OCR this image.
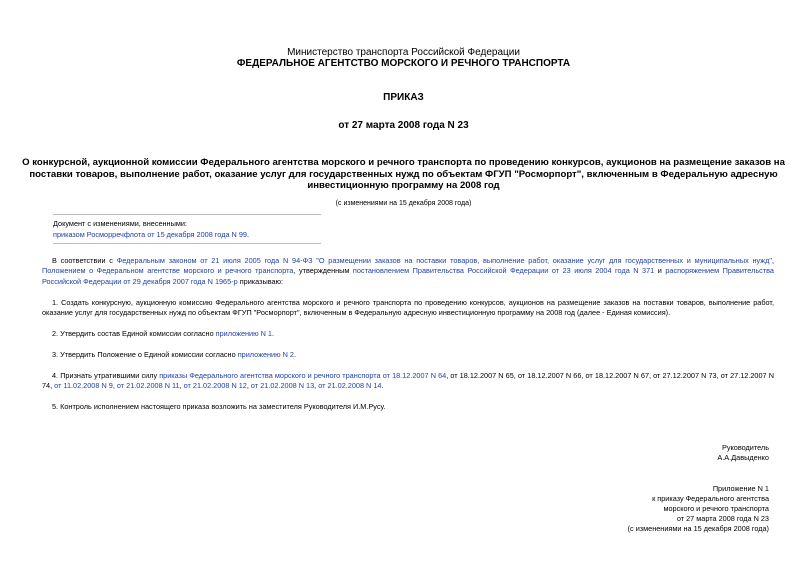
Министерство транспорта Российской Федерации
ФЕДЕРАЛЬНОЕ АГЕНТСТВО МОРСКОГО И РЕЧНОГО ТРАНСПОРТА
ПРИКАЗ
от 27 марта 2008 года N 23
О конкурсной, аукционной комиссии Федерального агентства морского и речного транспорта по проведению конкурсов, аукционов на размещение заказов на
поставки товаров, выполнение работ, оказание услуг для государственных нужд по объектам ФГУП "Росморпорт", включенным в Федеральную адресную
инвестиционную программу на 2008 год
(с изменениями на 15 декабря 2008 года)
Документ с изменениями, внесенными:
приказом Росморречфлота от 15 декабря 2008 года N 99.
В соответствии с Федеральным законом от 21 июля 2005 года N 94-ФЗ "О размещении заказов на поставки товаров, выполнение работ, оказание услуг для государственных и муниципальных нужд", Положением о Федеральном агентстве морского и речного транспорта, утвержденным постановлением Правительства Российской Федерации от 23 июля 2004 года N 371 и распоряжением Правительства Российской Федерации от 29 декабря 2007 года N 1965-р приказываю:
1. Создать конкурсную, аукционную комиссию Федерального агентства морского и речного транспорта по проведению конкурсов, аукционов на размещение заказов на поставки товаров, выполнение работ, оказание услуг для государственных нужд по объектам ФГУП "Росморпорт", включенным в Федеральную адресную инвестиционную программу на 2008 год (далее - Единая комиссия).
2. Утвердить состав Единой комиссии согласно приложению N 1.
3. Утвердить Положение о Единой комиссии согласно приложению N 2.
4. Признать утратившими силу приказы Федерального агентства морского и речного транспорта от 18.12.2007 N 64, от 18.12.2007 N 65, от 18.12.2007 N 66, от 18.12.2007 N 67, от 27.12.2007 N 73, от 27.12.2007 N 74, от 11.02.2008 N 9, от 21.02.2008 N 11, от 21.02.2008 N 12, от 21.02.2008 N 13, от 21.02.2008 N 14.
5. Контроль исполнением настоящего приказа возложить на заместителя Руководителя И.М.Русу.
Руководитель
А.А.Давыденко
Приложение N 1
к приказу Федерального агентства
морского и речного транспорта
от 27 марта 2008 года N 23
(с изменениями на 15 декабря 2008 года)
